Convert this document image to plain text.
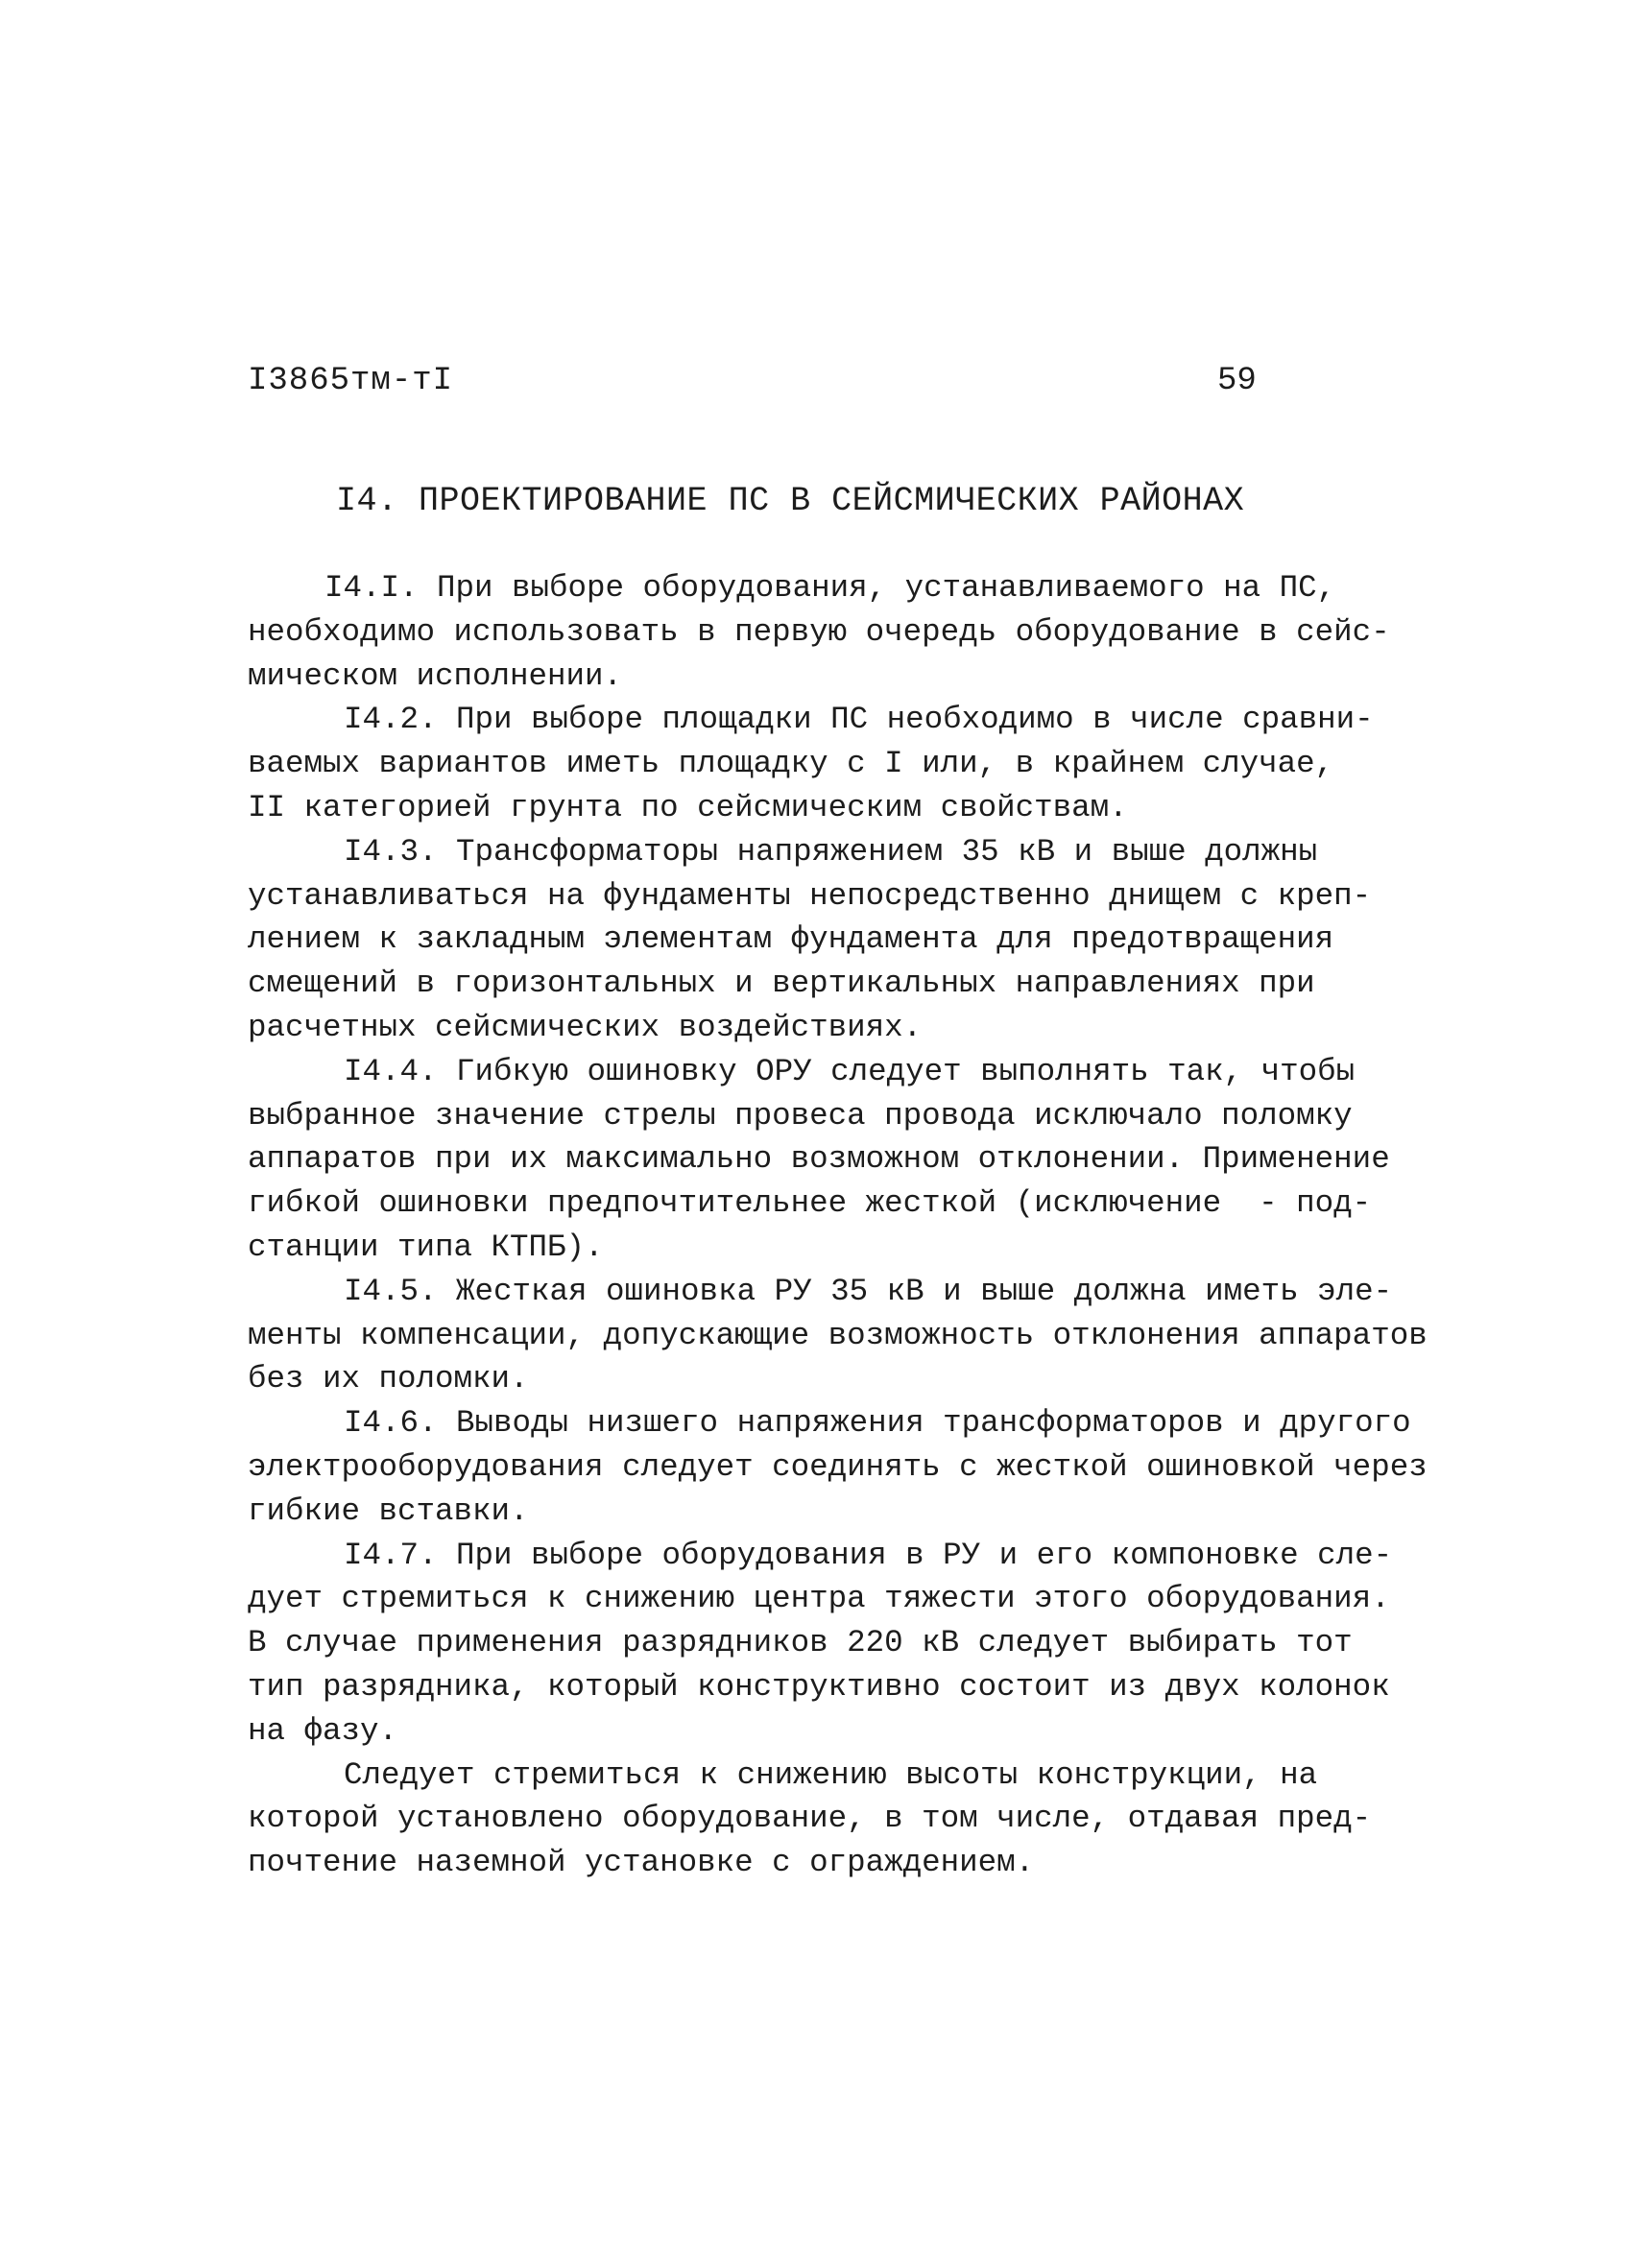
I3865тм-тI	59
I4. ПРОЕКТИРОВАНИЕ ПС В СЕЙСМИЧЕСКИХ РАЙОНАХ
I4.I. При выборе оборудования, устанавливаемого на ПС,
необходимо использовать в первую очередь оборудование в сейс-
мическом исполнении.
I4.2. При выборе площадки ПС необходимо в числе сравни-
ваемых вариантов иметь площадку с I или, в крайнем случае,
II категорией грунта по сейсмическим свойствам.
I4.3. Трансформаторы напряжением 35 кВ и выше должны
устанавливаться на фундаменты непосредственно днищем с креп-
лением к закладным элементам фундамента для предотвращения
смещений в горизонтальных и вертикальных направлениях при
расчетных сейсмических воздействиях.
I4.4. Гибкую ошиновку ОРУ следует выполнять так, чтобы
выбранное значение стрелы провеса провода исключало поломку
аппаратов при их максимально возможном отклонении. Применение
гибкой ошиновки предпочтительнее жесткой (исключение  - под-
станции типа КТПБ).
I4.5. Жесткая ошиновка РУ 35 кВ и выше должна иметь эле-
менты компенсации, допускающие возможность отклонения аппаратов
без их поломки.
I4.6. Выводы низшего напряжения трансформаторов и другого
электрооборудования следует соединять с жесткой ошиновкой через
гибкие вставки.
I4.7. При выборе оборудования в РУ и его компоновке сле-
дует стремиться к снижению центра тяжести этого оборудования.
В случае применения разрядников 220 кВ следует выбирать тот
тип разрядника, который конструктивно состоит из двух колонок
на фазу.
Следует стремиться к снижению высоты конструкции, на
которой установлено оборудование, в том числе, отдавая пред-
почтение наземной установке с ограждением.
